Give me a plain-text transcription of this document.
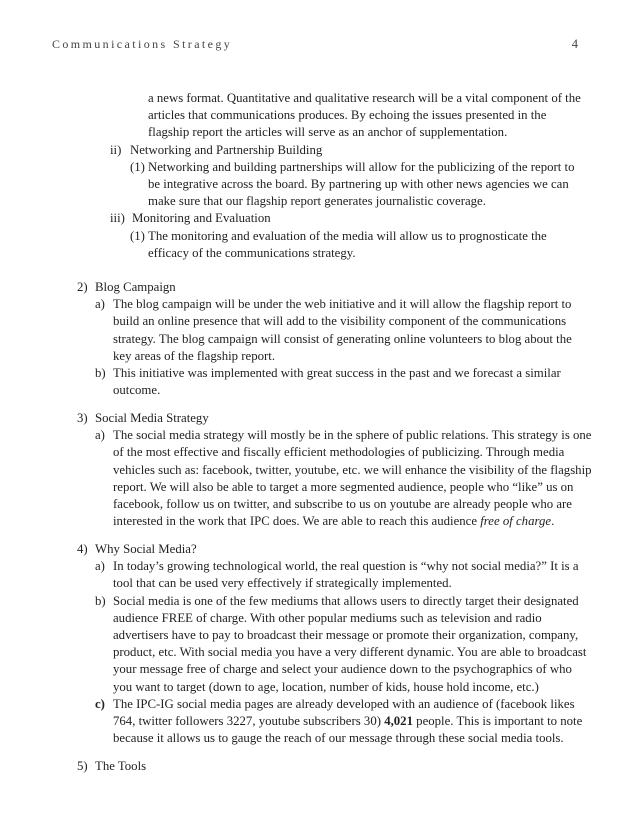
Communications Strategy	4
a news format. Quantitative and qualitative research will be a vital component of the
articles that communications produces. By echoing the issues presented in the
flagship report the articles will serve as an anchor of supplementation.
ii) Networking and Partnership Building
(1) Networking and building partnerships will allow for the publicizing of the report to
be integrative across the board. By partnering up with other news agencies we can
make sure that our flagship report generates journalistic coverage.
iii) Monitoring and Evaluation
(1) The monitoring and evaluation of the media will allow us to prognosticate the
efficacy of the communications strategy.
2) Blog Campaign
a) The blog campaign will be under the web initiative and it will allow the flagship report to
build an online presence that will add to the visibility component of the communications
strategy. The blog campaign will consist of generating online volunteers to blog about the
key areas of the flagship report.
b) This initiative was implemented with great success in the past and we forecast a similar
outcome.
3) Social Media Strategy
a) The social media strategy will mostly be in the sphere of public relations. This strategy is one
of the most effective and fiscally efficient methodologies of publicizing. Through media
vehicles such as: facebook, twitter, youtube, etc. we will enhance the visibility of the flagship
report. We will also be able to target a more segmented audience, people who “like” us on
facebook, follow us on twitter, and subscribe to us on youtube are already people who are
interested in the work that IPC does. We are able to reach this audience free of charge.
4) Why Social Media?
a) In today’s growing technological world, the real question is “why not social media?” It is a
tool that can be used very effectively if strategically implemented.
b) Social media is one of the few mediums that allows users to directly target their designated
audience FREE of charge. With other popular mediums such as television and radio
advertisers have to pay to broadcast their message or promote their organization, company,
product, etc. With social media you have a very different dynamic. You are able to broadcast
your message free of charge and select your audience down to the psychographics of who
you want to target (down to age, location, number of kids, house hold income, etc.)
c) The IPC-IG social media pages are already developed with an audience of (facebook likes
764, twitter followers 3227, youtube subscribers 30) 4,021 people. This is important to note
because it allows us to gauge the reach of our message through these social media tools.
5) The Tools
